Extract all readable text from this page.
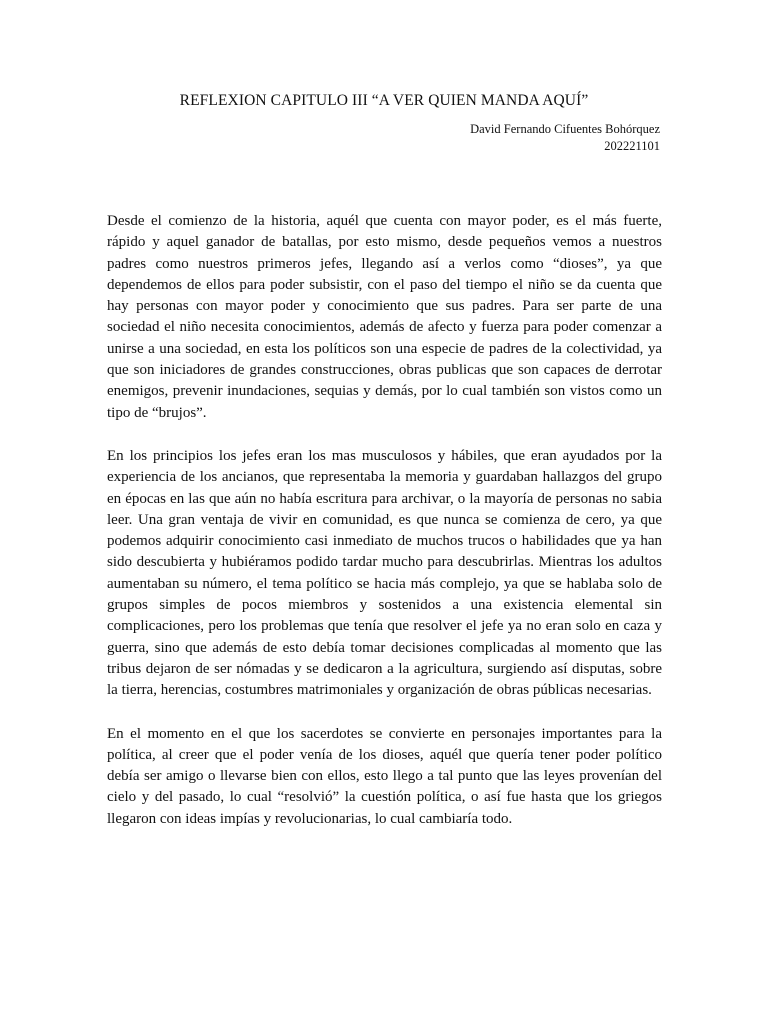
REFLEXION CAPITULO III “A VER QUIEN MANDA AQUÍ”
David Fernando Cifuentes Bohórquez
202221101

Desde el comienzo de la historia, aquél que cuenta con mayor poder, es el más fuerte, rápido y aquel ganador de batallas, por esto mismo, desde pequeños vemos a nuestros padres como nuestros primeros jefes, llegando así a verlos como “dioses”, ya que dependemos de ellos para poder subsistir, con el paso del tiempo el niño se da cuenta que hay personas con mayor poder y conocimiento que sus padres. Para ser parte de una sociedad el niño necesita conocimientos, además de afecto y fuerza para poder comenzar a unirse a una sociedad, en esta los políticos son una especie de padres de la colectividad, ya que son iniciadores de grandes construcciones, obras publicas que son capaces de derrotar enemigos, prevenir inundaciones, sequias y demás, por lo cual también son vistos como un tipo de “brujos”.

En los principios los jefes eran los mas musculosos y hábiles, que eran ayudados por la experiencia de los ancianos, que representaba la memoria y guardaban hallazgos del grupo en épocas en las que aún no había escritura para archivar, o la mayoría de personas no sabia leer. Una gran ventaja de vivir en comunidad, es que nunca se comienza de cero, ya que podemos adquirir conocimiento casi inmediato de muchos trucos o habilidades que ya han sido descubierta y hubiéramos podido tardar mucho para descubrirlas. Mientras los adultos aumentaban su número, el tema político se hacia más complejo, ya que se hablaba solo de grupos simples de pocos miembros y sostenidos a una existencia elemental sin complicaciones, pero los problemas que tenía que resolver el jefe ya no eran solo en caza y guerra, sino que además de esto debía tomar decisiones complicadas al momento que las tribus dejaron de ser nómadas y se dedicaron a la agricultura, surgiendo así disputas, sobre la tierra, herencias, costumbres matrimoniales y organización de obras públicas necesarias.

En el momento en el que los sacerdotes se convierte en personajes importantes para la política, al creer que el poder venía de los dioses, aquél que quería tener poder político debía ser amigo o llevarse bien con ellos, esto llego a tal punto que las leyes provenían del cielo y del pasado, lo cual “resolvió” la cuestión política, o así fue hasta que los griegos llegaron con ideas impías y revolucionarias, lo cual cambiaría todo.
